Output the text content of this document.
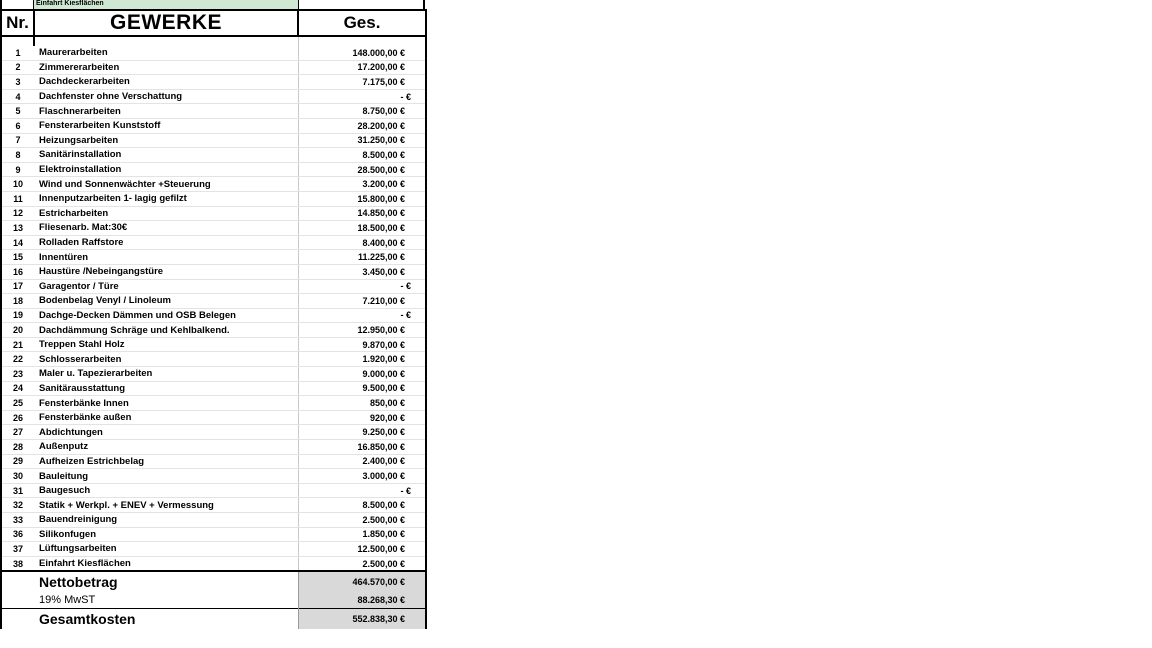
Einfahrt Kiesflächen
Nr.	GEWERKE	Ges.

1	Maurerarbeiten	148.000,00 €
2	Zimmererarbeiten	17.200,00 €
3	Dachdeckerarbeiten	7.175,00 €
4	Dachfenster ohne Verschattung	- €
5	Flaschnerarbeiten	8.750,00 €
6	Fensterarbeiten Kunststoff	28.200,00 €
7	Heizungsarbeiten	31.250,00 €
8	Sanitärinstallation	8.500,00 €
9	Elektroinstallation	28.500,00 €
10	Wind und Sonnenwächter +Steuerung	3.200,00 €
11	Innenputzarbeiten 1- lagig gefilzt	15.800,00 €
12	Estricharbeiten	14.850,00 €
13	Fliesenarb. Mat:30€	18.500,00 €
14	Rolladen Raffstore	8.400,00 €
15	Innentüren	11.225,00 €
16	Haustüre /Nebeingangstüre	3.450,00 €
17	Garagentor / Türe	- €
18	Bodenbelag Venyl / Linoleum	7.210,00 €
19	Dachge-Decken Dämmen und OSB Belegen	- €
20	Dachdämmung Schräge und Kehlbalkend.	12.950,00 €
21	Treppen Stahl Holz	9.870,00 €
22	Schlosserarbeiten	1.920,00 €
23	Maler u. Tapezierarbeiten	9.000,00 €
24	Sanitärausstattung	9.500,00 €
25	Fensterbänke Innen	850,00 €
26	Fensterbänke außen	920,00 €
27	Abdichtungen	9.250,00 €
28	Außenputz	16.850,00 €
29	Aufheizen Estrichbelag	2.400,00 €
30	Bauleitung	3.000,00 €
31	Baugesuch	- €
32	Statik + Werkpl. + ENEV + Vermessung	8.500,00 €
33	Bauendreinigung	2.500,00 €
36	Silikonfugen	1.850,00 €
37	Lüftungsarbeiten	12.500,00 €
38	Einfahrt Kiesflächen	2.500,00 €
	Nettobetrag	464.570,00 €
	19% MwST	88.268,30 €
	Gesamtkosten	552.838,30 €
